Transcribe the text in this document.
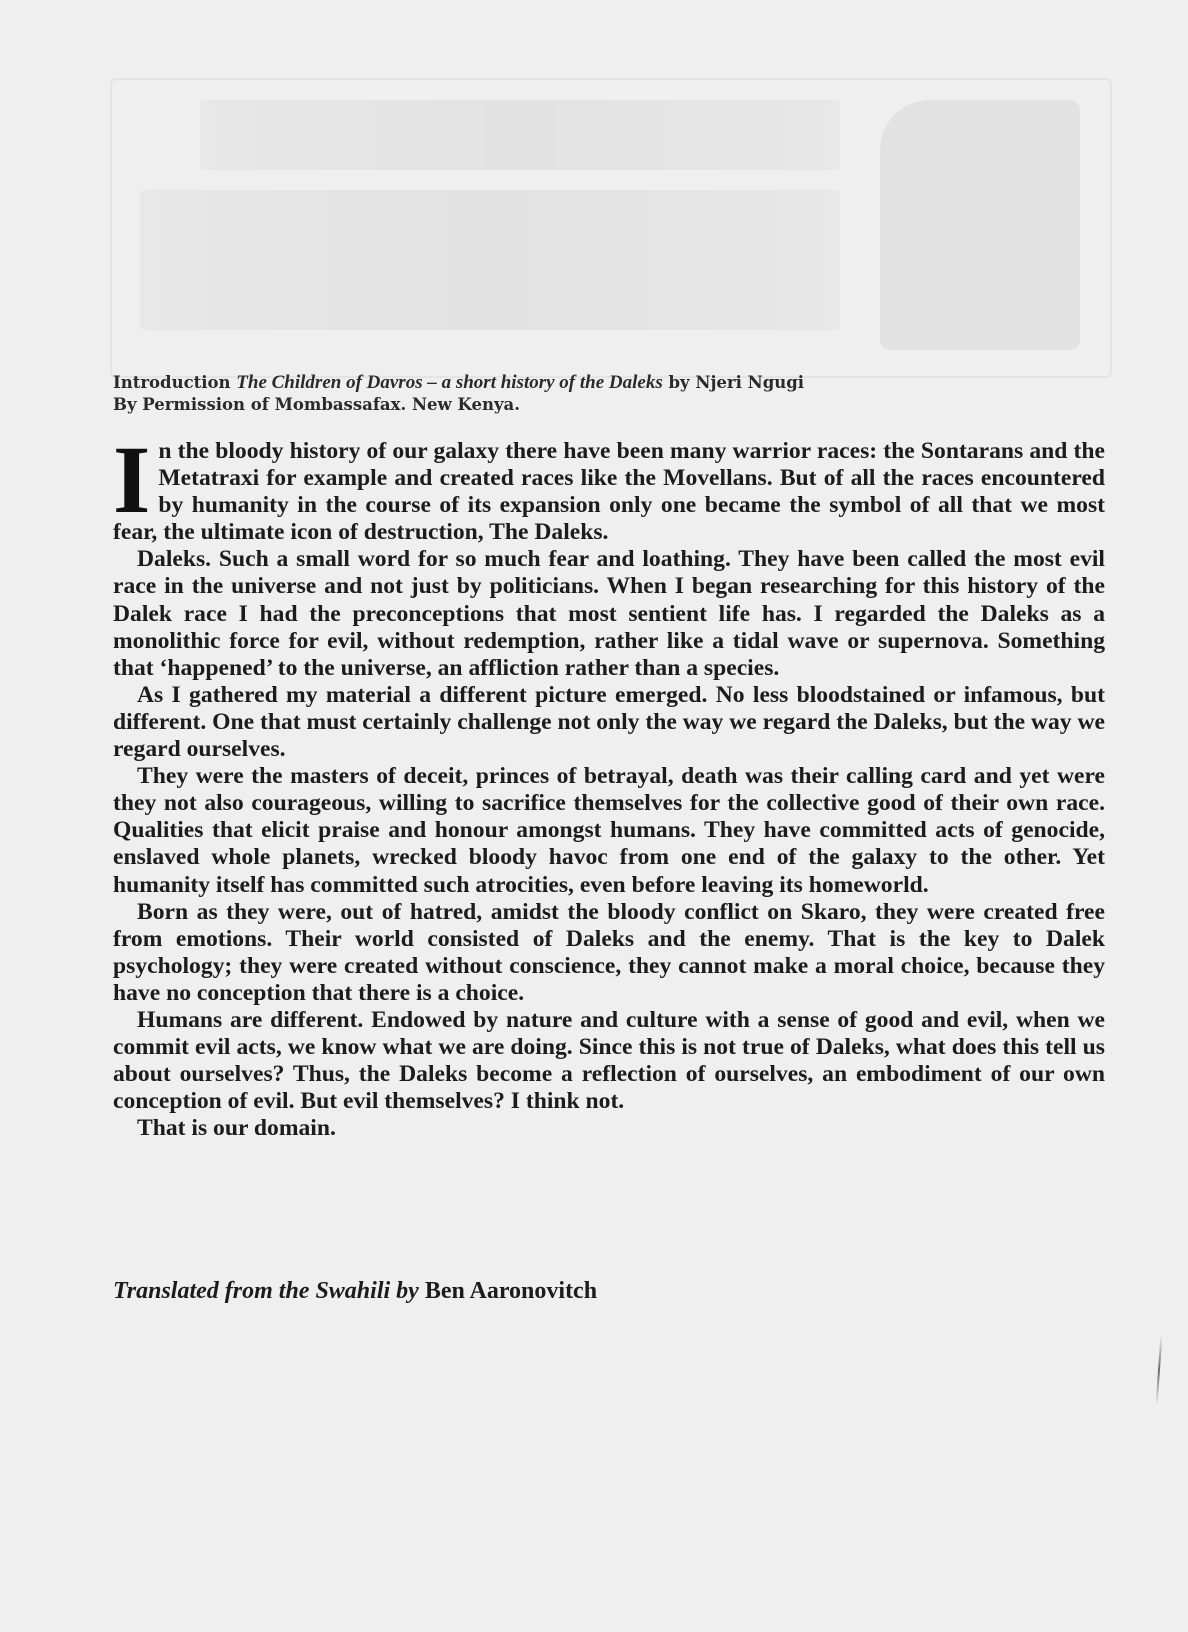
Introduction The Children of Davros – a short history of the Daleks by Njeri Ngugi
By Permission of Mombassafax. New Kenya.

In the bloody history of our galaxy there have been many warrior races: the Sontarans and the Metatraxi for example and created races like the Movellans. But of all the races encountered by humanity in the course of its expansion only one became the symbol of all that we most fear, the ultimate icon of destruction, The Daleks.

Daleks. Such a small word for so much fear and loathing. They have been called the most evil race in the universe and not just by politicians. When I began researching for this history of the Dalek race I had the preconceptions that most sentient life has. I regarded the Daleks as a monolithic force for evil, without redemption, rather like a tidal wave or supernova. Something that ‘happened’ to the universe, an affliction rather than a species.

As I gathered my material a different picture emerged. No less bloodstained or infamous, but different. One that must certainly challenge not only the way we regard the Daleks, but the way we regard ourselves.

They were the masters of deceit, princes of betrayal, death was their calling card and yet were they not also courageous, willing to sacrifice themselves for the collective good of their own race. Qualities that elicit praise and honour amongst humans. They have committed acts of genocide, enslaved whole planets, wrecked bloody havoc from one end of the galaxy to the other. Yet humanity itself has committed such atrocities, even before leaving its homeworld.

Born as they were, out of hatred, amidst the bloody conflict on Skaro, they were created free from emotions. Their world consisted of Daleks and the enemy. That is the key to Dalek psychology; they were created without conscience, they cannot make a moral choice, because they have no conception that there is a choice.

Humans are different. Endowed by nature and culture with a sense of good and evil, when we commit evil acts, we know what we are doing. Since this is not true of Daleks, what does this tell us about ourselves? Thus, the Daleks become a reflection of ourselves, an embodiment of our own conception of evil. But evil themselves? I think not.

That is our domain.

Translated from the Swahili by Ben Aaronovitch
